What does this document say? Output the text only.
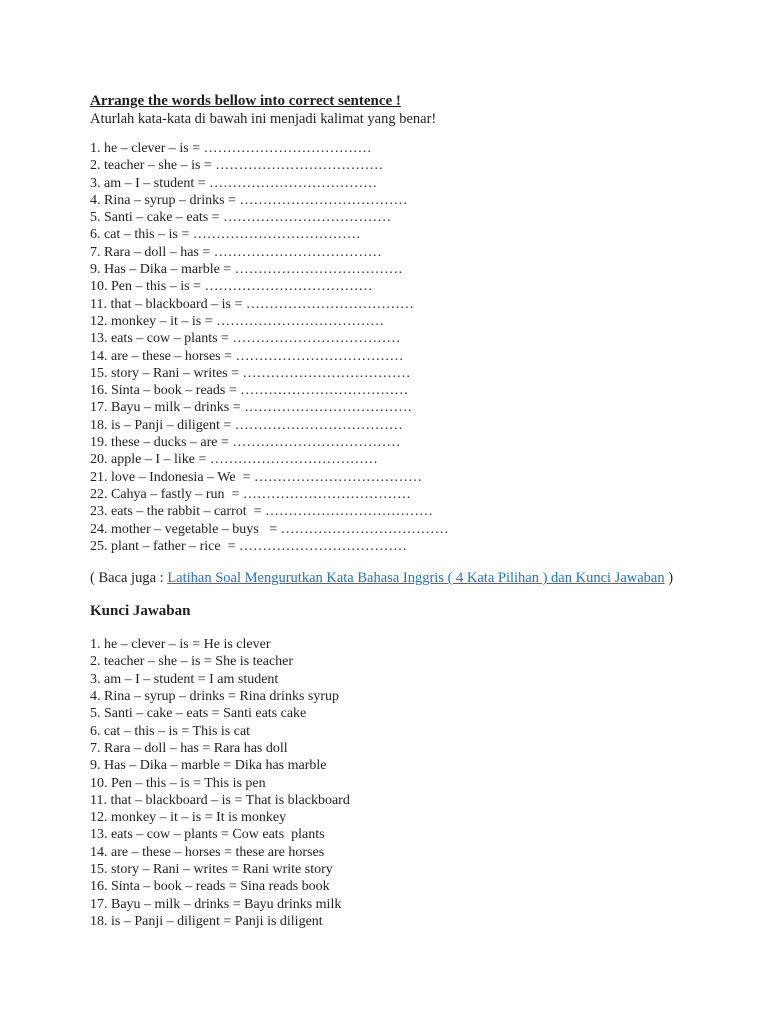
Arrange the words bellow into correct sentence !

Aturlah kata-kata di bawah ini menjadi kalimat yang benar!

1. he – clever – is = ………………………………
2. teacher – she – is = ………………………………
3. am – I – student = ………………………………
4. Rina – syrup – drinks = ………………………………
5. Santi – cake – eats = ………………………………
6. cat – this – is = ………………………………
7. Rara – doll – has = ………………………………
9. Has – Dika – marble = ………………………………
10. Pen – this – is = ………………………………
11. that – blackboard – is = ………………………………
12. monkey – it – is = ………………………………
13. eats – cow – plants = ………………………………
14. are – these – horses = ………………………………
15. story – Rani – writes = ………………………………
16. Sinta – book – reads = ………………………………
17. Bayu – milk – drinks = ………………………………
18. is – Panji – diligent = ………………………………
19. these – ducks – are = ………………………………
20. apple – I – like = ………………………………
21. love – Indonesia – We  = ………………………………
22. Cahya – fastly – run  = ………………………………
23. eats – the rabbit – carrot  = ………………………………
24. mother – vegetable – buys   = ………………………………
25. plant – father – rice  = ………………………………

( Baca juga : Latihan Soal Mengurutkan Kata Bahasa Inggris ( 4 Kata Pilihan ) dan Kunci Jawaban )

Kunci Jawaban

1. he – clever – is = He is clever
2. teacher – she – is = She is teacher
3. am – I – student = I am student
4. Rina – syrup – drinks = Rina drinks syrup
5. Santi – cake – eats = Santi eats cake
6. cat – this – is = This is cat
7. Rara – doll – has = Rara has doll
9. Has – Dika – marble = Dika has marble
10. Pen – this – is = This is pen
11. that – blackboard – is = That is blackboard
12. monkey – it – is = It is monkey
13. eats – cow – plants = Cow eats  plants
14. are – these – horses = these are horses
15. story – Rani – writes = Rani write story
16. Sinta – book – reads = Sina reads book
17. Bayu – milk – drinks = Bayu drinks milk
18. is – Panji – diligent = Panji is diligent
